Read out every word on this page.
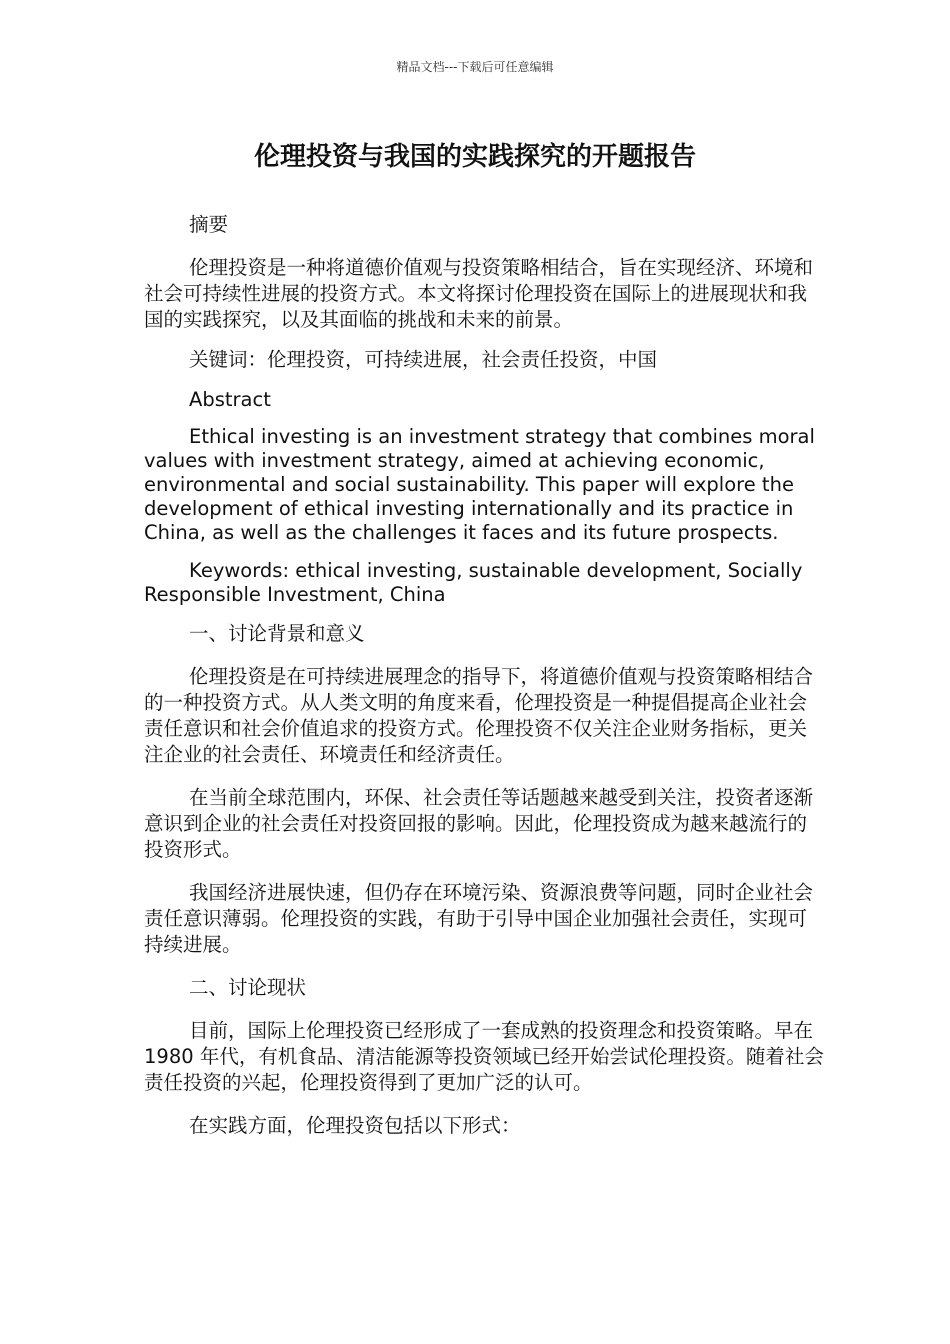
精品文档---下载后可任意编辑
伦理投资与我国的实践探究的开题报告

摘要

伦理投资是一种将道德价值观与投资策略相结合，旨在实现经济、环境和社会可持续性进展的投资方式。本文将探讨伦理投资在国际上的进展现状和我国的实践探究，以及其面临的挑战和未来的前景。

关键词：伦理投资，可持续进展，社会责任投资，中国

Abstract

Ethical investing is an investment strategy that combines moral values with investment strategy, aimed at achieving economic, environmental and social sustainability. This paper will explore the development of ethical investing internationally and its practice in China, as well as the challenges it faces and its future prospects.

Keywords: ethical investing, sustainable development, Socially Responsible Investment, China

一、讨论背景和意义

伦理投资是在可持续进展理念的指导下，将道德价值观与投资策略相结合的一种投资方式。从人类文明的角度来看，伦理投资是一种提倡提高企业社会责任意识和社会价值追求的投资方式。伦理投资不仅关注企业财务指标，更关注企业的社会责任、环境责任和经济责任。

在当前全球范围内，环保、社会责任等话题越来越受到关注，投资者逐渐意识到企业的社会责任对投资回报的影响。因此，伦理投资成为越来越流行的投资形式。

我国经济进展快速，但仍存在环境污染、资源浪费等问题，同时企业社会责任意识薄弱。伦理投资的实践，有助于引导中国企业加强社会责任，实现可持续进展。

二、讨论现状

目前，国际上伦理投资已经形成了一套成熟的投资理念和投资策略。早在 1980 年代，有机食品、清洁能源等投资领域已经开始尝试伦理投资。随着社会责任投资的兴起，伦理投资得到了更加广泛的认可。

在实践方面，伦理投资包括以下形式：
